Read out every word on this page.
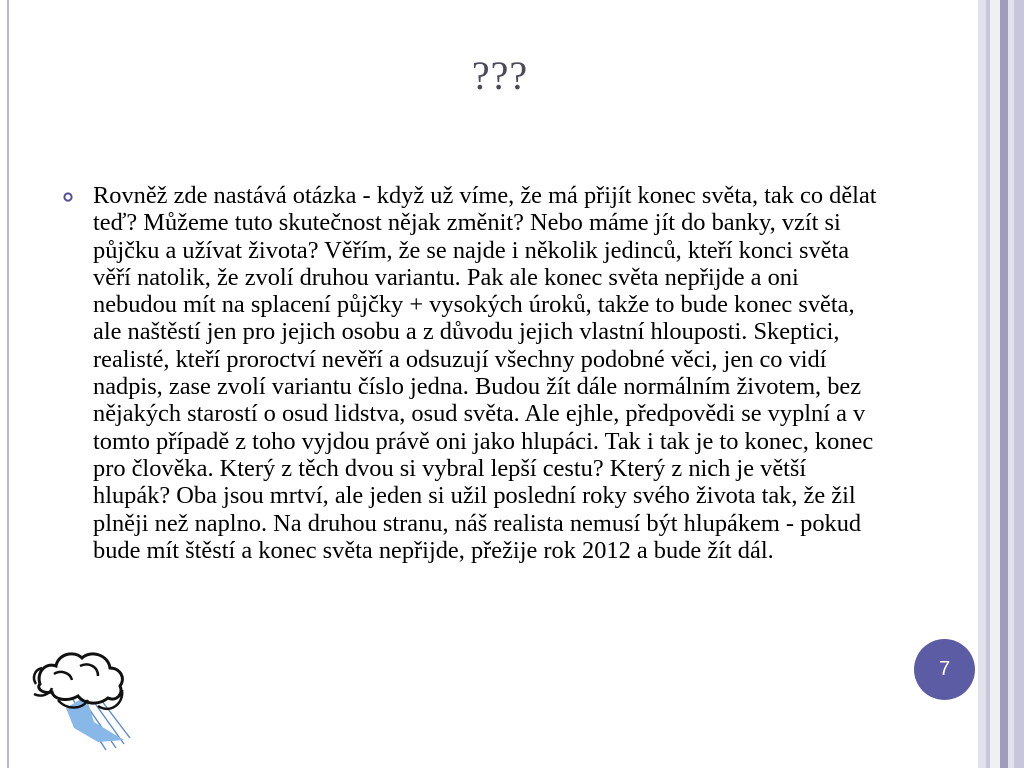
???
Rovněž zde nastává otázka - když už víme, že má přijít konec světa, tak co dělat teď? Můžeme tuto skutečnost nějak změnit? Nebo máme jít do banky, vzít si půjčku a užívat života? Věřím, že se najde i několik jedinců, kteří konci světa věří natolik, že zvolí druhou variantu. Pak ale konec světa nepřijde a oni nebudou mít na splacení půjčky + vysokých úroků, takže to bude konec světa, ale naštěstí jen pro jejich osobu a z důvodu jejich vlastní hlouposti. Skeptici, realisté, kteří proroctví nevěří a odsuzují všechny podobné věci, jen co vidí nadpis, zase zvolí variantu číslo jedna. Budou žít dále normálním životem, bez nějakých starostí o osud lidstva, osud světa. Ale ejhle, předpovědi se vyplní a v tomto případě z toho vyjdou právě oni jako hlupáci. Tak i tak je to konec, konec pro člověka. Který z těch dvou si vybral lepší cestu? Který z nich je větší hlupák? Oba jsou mrtví, ale jeden si užil poslední roky svého života tak, že žil plněji než naplno. Na druhou stranu, náš realista nemusí být hlupákem - pokud bude mít štěstí a konec světa nepřijde, přežije rok 2012 a bude žít dál.
7
